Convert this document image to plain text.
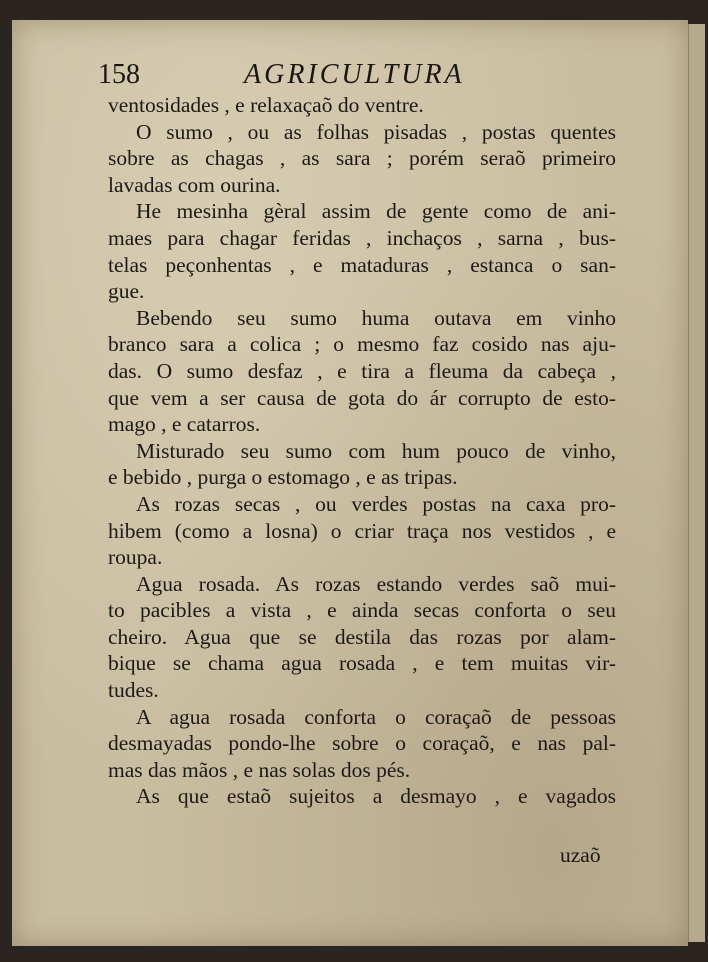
158	AGRICULTURA
ventosidades , e relaxaçaõ do ventre.
O sumo , ou as folhas pisadas , postas quentes
sobre as chagas , as sara ; porém seraõ primeiro
lavadas com ourina.
He mesinha gèral assim de gente como de ani-
maes para chagar feridas , inchaços , sarna , bus-
telas peçonhentas , e mataduras , estanca o san-
gue.
Bebendo seu sumo huma outava em vinho
branco sara a colica ; o mesmo faz cosido nas aju-
das. O sumo desfaz , e tira a fleuma da cabeça ,
que vem a ser causa de gota do ár corrupto de esto-
mago , e catarros.
Misturado seu sumo com hum pouco de vinho,
e bebido , purga o estomago , e as tripas.
As rozas secas , ou verdes postas na caxa pro-
hibem (como a losna) o criar traça nos vestidos , e
roupa.
Agua rosada. As rozas estando verdes saõ mui-
to pacibles a vista , e ainda secas conforta o seu
cheiro. Agua que se destila das rozas por alam-
bique se chama agua rosada , e tem muitas vir-
tudes.
A agua rosada conforta o coraçaõ de pessoas
desmayadas pondo-lhe sobre o coraçaõ, e nas pal-
mas das mãos , e nas solas dos pés.
As que estaõ sujeitos a desmayo , e vagados
uzaõ
